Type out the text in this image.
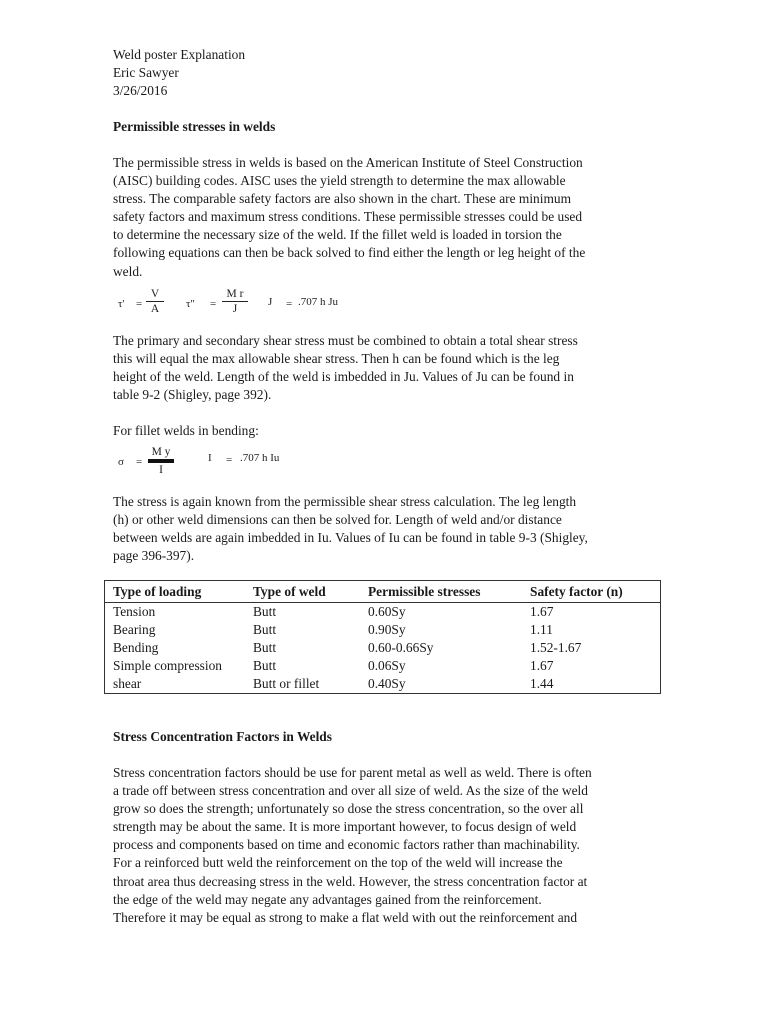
Weld poster Explanation
Eric Sawyer
3/26/2016
Permissible stresses in welds
The permissible stress in welds is based on the American Institute of Steel Construction
(AISC) building codes. AISC uses the yield strength to determine the max allowable
stress. The comparable safety factors are also shown in the chart. These are minimum
safety factors and maximum stress conditions. These permissible stresses could be used
to determine the necessary size of the weld. If the fillet weld is loaded in torsion the
following equations can then be back solved to find either the length or leg height of the
weld.
$\tau' = \frac{V}{A} \tau$" = $\frac{\text{M r}}{J}$ J = .707 h Ju
The primary and secondary shear stress must be combined to obtain a total shear stress
this will equal the max allowable shear stress. Then h can be found which is the leg
height of the weld. Length of the weld is imbedded in Ju. Values of Ju can be found in
table 9-2 (Shigley, page 392).
For fillet welds in bending:
$\sigma = \frac{\text{M y}}{I}$	I = .707 h Iu
The stress is again known from the permissible shear stress calculation. The leg length
(h) or other weld dimensions can then be solved for. Length of weld and/or distance
between welds are again imbedded in Iu. Values of Iu can be found in table 9-3 (Shigley,
page 396-397).
Type of loading	Type of weld	Permissible stresses	Safety factor (n)
Tension	Butt	0.60Sy	1.67
Bearing	Butt	0.90Sy	1.11
Bending	Butt	0.60-0.66Sy	1.52-1.67
Simple compression	Butt	0.06Sy	1.67
shear	Butt or fillet	0.40Sy	1.44
Stress Concentration Factors in Welds
Stress concentration factors should be use for parent metal as well as weld. There is often
a trade off between stress concentration and over all size of weld. As the size of the weld
grow so does the strength; unfortunately so dose the stress concentration, so the over all
strength may be about the same. It is more important however, to focus design of weld
process and components based on time and economic factors rather than machinability.
For a reinforced butt weld the reinforcement on the top of the weld will increase the
throat area thus decreasing stress in the weld. However, the stress concentration factor at
the edge of the weld may negate any advantages gained from the reinforcement.
Therefore it may be equal as strong to make a flat weld with out the reinforcement and
